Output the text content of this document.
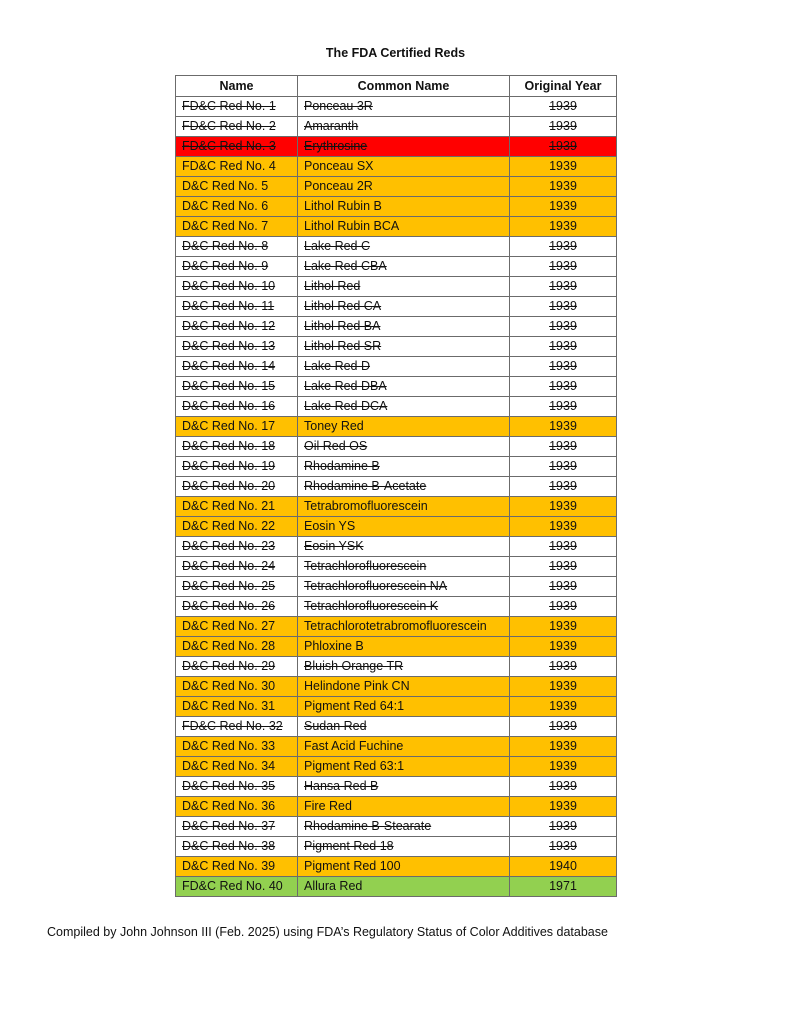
The FDA Certified Reds
Name	Common Name	Original Year
FD&C Red No. 1	Ponceau 3R	1939
FD&C Red No. 2	Amaranth	1939
FD&C Red No. 3	Erythrosine	1939
FD&C Red No. 4	Ponceau SX	1939
D&C Red No. 5	Ponceau 2R	1939
D&C Red No. 6	Lithol Rubin B	1939
D&C Red No. 7	Lithol Rubin BCA	1939
D&C Red No. 8	Lake Red C	1939
D&C Red No. 9	Lake Red CBA	1939
D&C Red No. 10	Lithol Red	1939
D&C Red No. 11	Lithol Red CA	1939
D&C Red No. 12	Lithol Red BA	1939
D&C Red No. 13	Lithol Red SR	1939
D&C Red No. 14	Lake Red D	1939
D&C Red No. 15	Lake Red DBA	1939
D&C Red No. 16	Lake Red DCA	1939
D&C Red No. 17	Toney Red	1939
D&C Red No. 18	Oil Red OS	1939
D&C Red No. 19	Rhodamine B	1939
D&C Red No. 20	Rhodamine B-Acetate	1939
D&C Red No. 21	Tetrabromofluorescein	1939
D&C Red No. 22	Eosin YS	1939
D&C Red No. 23	Eosin YSK	1939
D&C Red No. 24	Tetrachlorofluorescein	1939
D&C Red No. 25	Tetrachlorofluorescein NA	1939
D&C Red No. 26	Tetrachlorofluorescein K	1939
D&C Red No. 27	Tetrachlorotetrabromofluorescein	1939
D&C Red No. 28	Phloxine B	1939
D&C Red No. 29	Bluish Orange TR	1939
D&C Red No. 30	Helindone Pink CN	1939
D&C Red No. 31	Pigment Red 64:1	1939
FD&C Red No. 32	Sudan Red	1939
D&C Red No. 33	Fast Acid Fuchine	1939
D&C Red No. 34	Pigment Red 63:1	1939
D&C Red No. 35	Hansa Red B	1939
D&C Red No. 36	Fire Red	1939
D&C Red No. 37	Rhodamine B-Stearate	1939
D&C Red No. 38	Pigment Red 18	1939
D&C Red No. 39	Pigment Red 100	1940
FD&C Red No. 40	Allura Red	1971
Compiled by John Johnson III (Feb. 2025) using FDA’s Regulatory Status of Color Additives database
